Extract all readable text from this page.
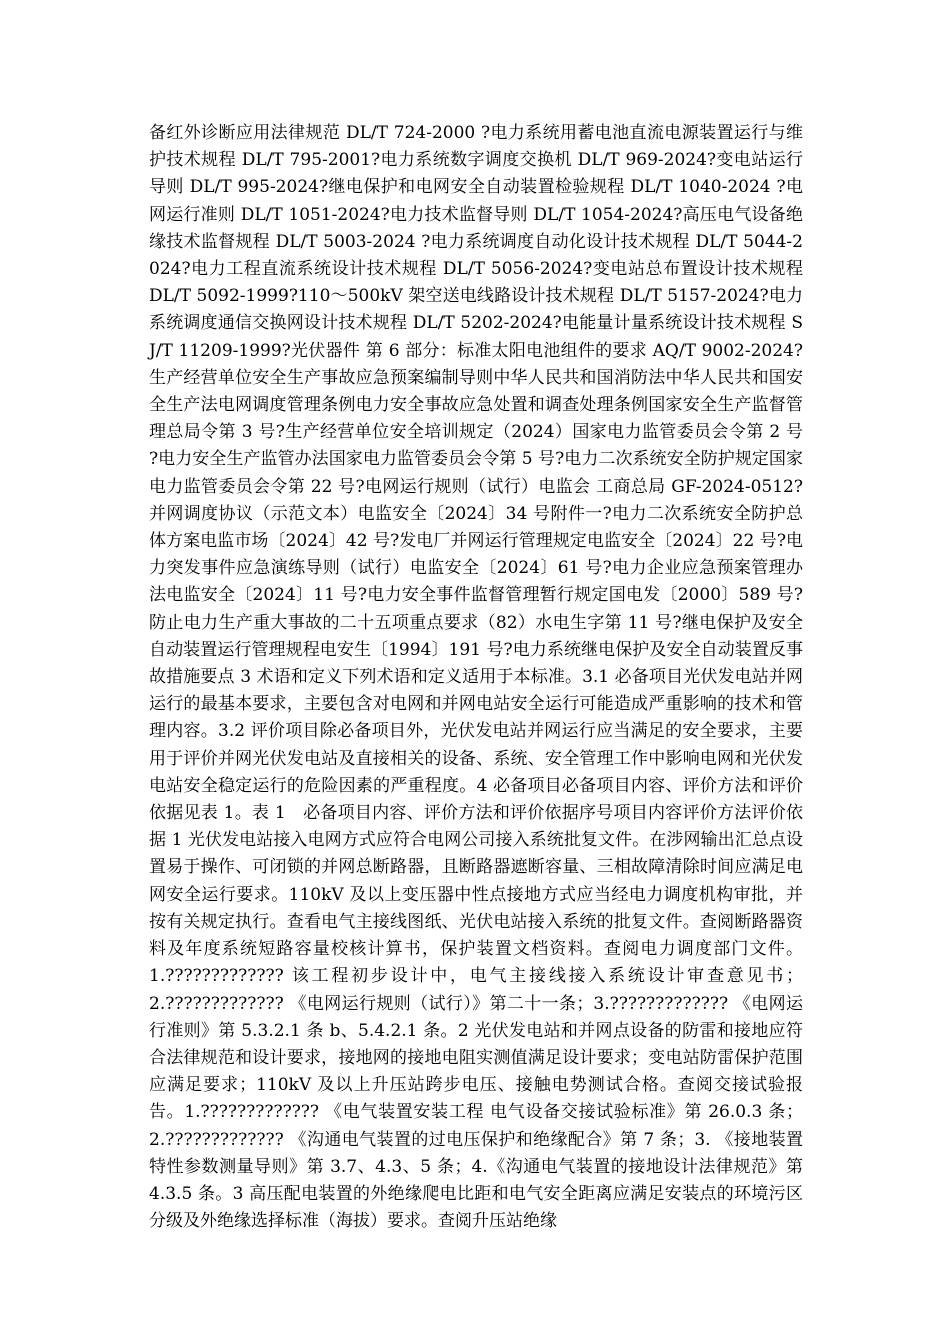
备红外诊断应用法律规范 DL/T 724-2000 ?电力系统用蓄电池直流电源装置运行与维护技术规程 DL/T 795-2001?电力系统数字调度交换机 DL/T 969-2024?变电站运行导则 DL/T 995-2024?继电保护和电网安全自动装置检验规程 DL/T 1040-2024 ?电网运行准则 DL/T 1051-2024?电力技术监督导则 DL/T 1054-2024?高压电气设备绝缘技术监督规程 DL/T 5003-2024 ?电力系统调度自动化设计技术规程 DL/T 5044-2024?电力工程直流系统设计技术规程 DL/T 5056-2024?变电站总布置设计技术规程 DL/T 5092-1999?110～500kV 架空送电线路设计技术规程 DL/T 5157-2024?电力系统调度通信交换网设计技术规程 DL/T 5202-2024?电能量计量系统设计技术规程 SJ/T 11209-1999?光伏器件 第 6 部分：标准太阳电池组件的要求 AQ/T 9002-2024?生产经营单位安全生产事故应急预案编制导则中华人民共和国消防法中华人民共和国安全生产法电网调度管理条例电力安全事故应急处置和调查处理条例国家安全生产监督管理总局令第 3 号?生产经营单位安全培训规定（2024）国家电力监管委员会令第 2 号 ?电力安全生产监管办法国家电力监管委员会令第 5 号?电力二次系统安全防护规定国家电力监管委员会令第 22 号?电网运行规则（试行）电监会 工商总局 GF-2024-0512?并网调度协议（示范文本）电监安全〔2024〕34 号附件一?电力二次系统安全防护总体方案电监市场〔2024〕42 号?发电厂并网运行管理规定电监安全〔2024〕22 号?电力突发事件应急演练导则（试行）电监安全〔2024〕61 号?电力企业应急预案管理办法电监安全〔2024〕11 号?电力安全事件监督管理暂行规定国电发〔2000〕589 号?防止电力生产重大事故的二十五项重点要求（82）水电生字第 11 号?继电保护及安全自动装置运行管理规程电安生〔1994〕191 号?电力系统继电保护及安全自动装置反事故措施要点 3 术语和定义下列术语和定义适用于本标准。3.1 必备项目光伏发电站并网运行的最基本要求，主要包含对电网和并网电站安全运行可能造成严重影响的技术和管理内容。3.2 评价项目除必备项目外，光伏发电站并网运行应当满足的安全要求，主要用于评价并网光伏发电站及直接相关的设备、系统、安全管理工作中影响电网和光伏发电站安全稳定运行的危险因素的严重程度。4 必备项目必备项目内容、评价方法和评价依据见表 1。表 1　必备项目内容、评价方法和评价依据序号项目内容评价方法评价依据 1 光伏发电站接入电网方式应符合电网公司接入系统批复文件。在涉网输出汇总点设置易于操作、可闭锁的并网总断路器，且断路器遮断容量、三相故障清除时间应满足电网安全运行要求。110kV 及以上变压器中性点接地方式应当经电力调度机构审批，并按有关规定执行。查看电气主接线图纸、光伏电站接入系统的批复文件。查阅断路器资料及年度系统短路容量校核计算书，保护装置文档资料。查阅电力调度部门文件。1.????????????? 该工程初步设计中，电气主接线接入系统设计审查意见书；2.????????????? 《电网运行规则（试行）》第二十一条；3.????????????? 《电网运行准则》第 5.3.2.1 条 b、5.4.2.1 条。2 光伏发电站和并网点设备的防雷和接地应符合法律规范和设计要求，接地网的接地电阻实测值满足设计要求；变电站防雷保护范围应满足要求；110kV 及以上升压站跨步电压、接触电势测试合格。查阅交接试验报告。1.????????????? 《电气装置安装工程 电气设备交接试验标准》第 26.0.3 条；2.????????????? 《沟通电气装置的过电压保护和绝缘配合》第 7 条；3. 《接地装置特性参数测量导则》第 3.7、4.3、5 条；4.《沟通电气装置的接地设计法律规范》第 4.3.5 条。3 高压配电装置的外绝缘爬电比距和电气安全距离应满足安装点的环境污区分级及外绝缘选择标准（海拔）要求。查阅升压站绝缘
